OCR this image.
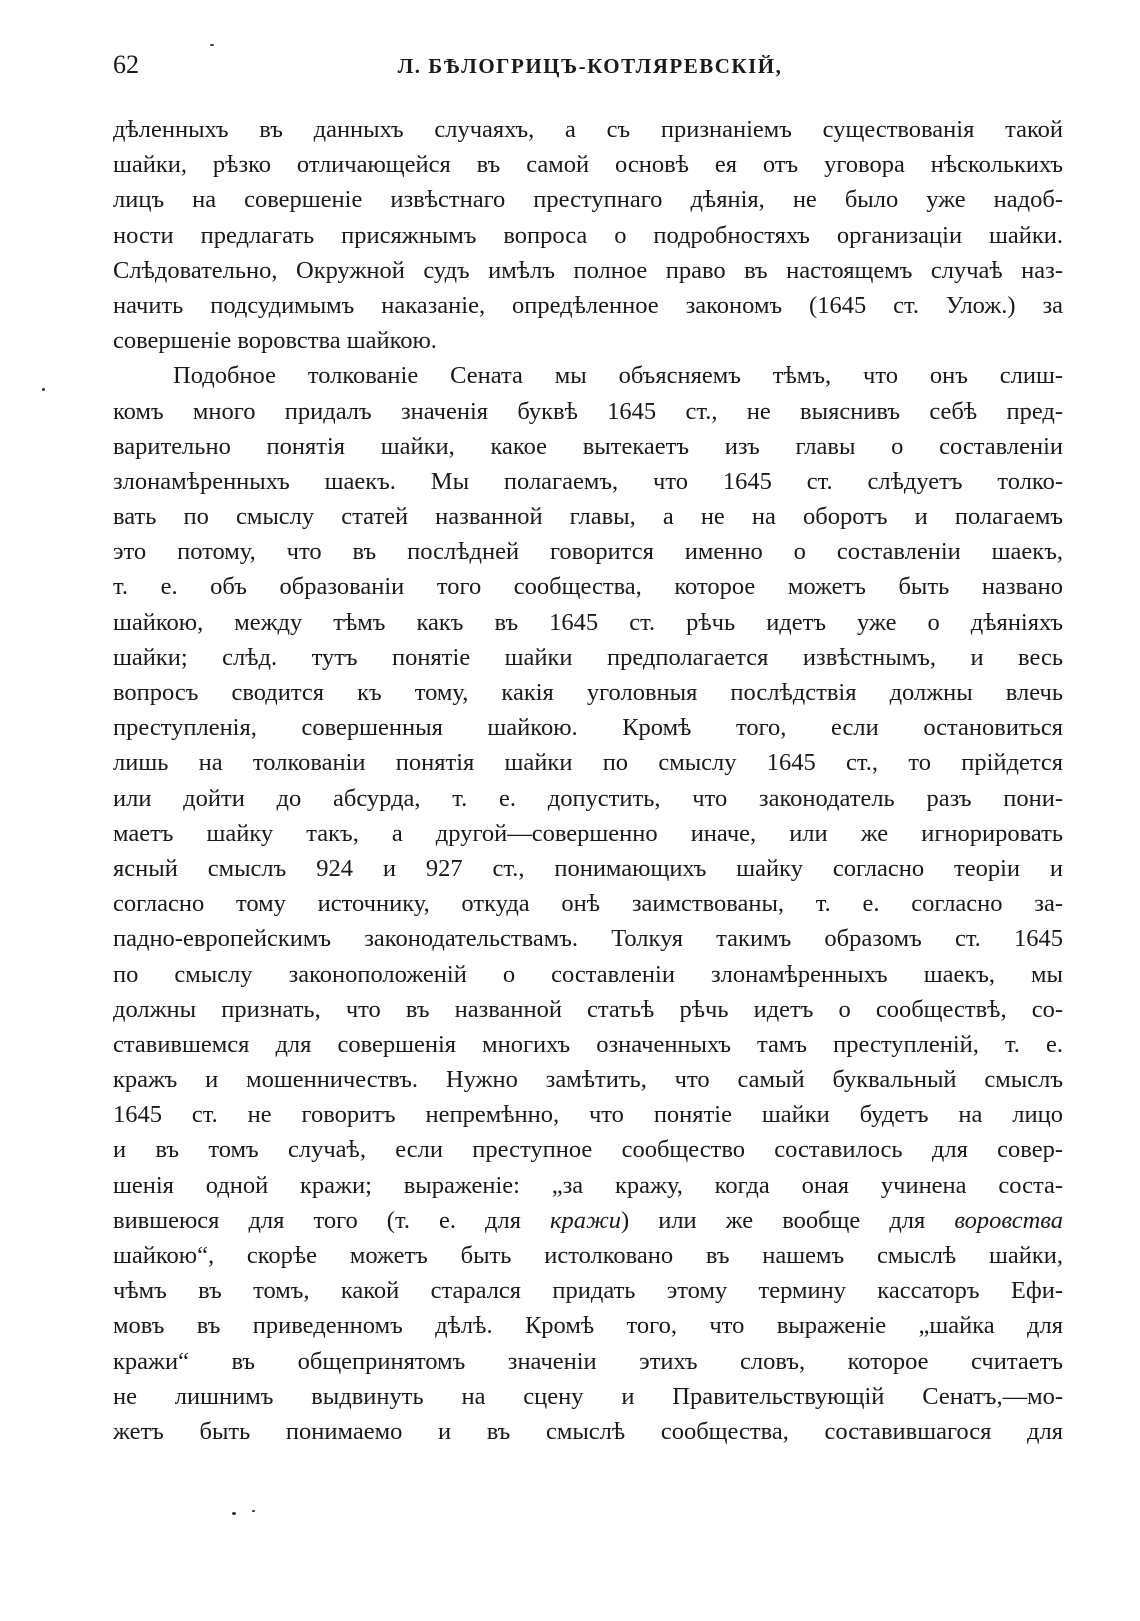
62	Л. БѢЛОГРИЦЪ-КОТЛЯРЕВСКІЙ,
дѣленныхъ въ данныхъ случаяхъ, а съ признаніемъ существованія такой
шайки, рѣзко отличающейся въ самой основѣ ея отъ уговора нѣсколькихъ
лицъ на совершеніе извѣстнаго преступнаго дѣянія, не было уже надоб-
ности предлагать присяжнымъ вопроса о подробностяхъ организаціи шайки.
Слѣдовательно, Окружной судъ имѣлъ полное право въ настоящемъ случаѣ наз-
начить подсудимымъ наказаніе, опредѣленное закономъ (1645 ст. Улож.) за
совершеніе воровства шайкою.
Подобное толкованіе Сената мы объясняемъ тѣмъ, что онъ слиш-
комъ много придалъ значенія буквѣ 1645 ст., не выяснивъ себѣ пред-
варительно понятія шайки, какое вытекаетъ изъ главы о составленіи
злонамѣренныхъ шаекъ. Мы полагаемъ, что 1645 ст. слѣдуетъ толко-
вать по смыслу статей названной главы, а не на оборотъ и полагаемъ
это потому, что въ послѣдней говорится именно о составленіи шаекъ,
т. е. объ образованіи того сообщества, которое можетъ быть названо
шайкою, между тѣмъ какъ въ 1645 ст. рѣчь идетъ уже о дѣяніяхъ
шайки; слѣд. тутъ понятіе шайки предполагается извѣстнымъ, и весь
вопросъ сводится къ тому, какія уголовныя послѣдствія должны влечь
преступленія, совершенныя шайкою. Кромѣ того, если остановиться
лишь на толкованіи понятія шайки по смыслу 1645 ст., то прійдется
или дойти до абсурда, т. е. допустить, что законодатель разъ пони-
маетъ шайку такъ, а другой—совершенно иначе, или же игнорировать
ясный смыслъ 924 и 927 ст., понимающихъ шайку согласно теоріи и
согласно тому источнику, откуда онѣ заимствованы, т. е. согласно за-
падно-европейскимъ законодательствамъ. Толкуя такимъ образомъ ст. 1645
по смыслу законоположеній о составленіи злонамѣренныхъ шаекъ, мы
должны признать, что въ названной статьѣ рѣчь идетъ о сообществѣ, со-
ставившемся для совершенія многихъ означенныхъ тамъ преступленій, т. е.
кражъ и мошенничествъ. Нужно замѣтить, что самый буквальный смыслъ
1645 ст. не говоритъ непремѣнно, что понятіе шайки будетъ на лицо
и въ томъ случаѣ, если преступное сообщество составилось для совер-
шенія одной кражи; выраженіе: „за кражу, когда оная учинена соста-
вившеюся для того (т. е. для кражи) или же вообще для воровства
шайкою“, скорѣе можетъ быть истолковано въ нашемъ смыслѣ шайки,
чѣмъ въ томъ, какой старался придать этому термину кассаторъ Ефи-
мовъ въ приведенномъ дѣлѣ. Кромѣ того, что выраженіе „шайка для
кражи“ въ общепринятомъ значеніи этихъ словъ, которое считаетъ
не лишнимъ выдвинуть на сцену и Правительствующій Сенатъ,—мо-
жетъ быть понимаемо и въ смыслѣ сообщества, составившагося для
